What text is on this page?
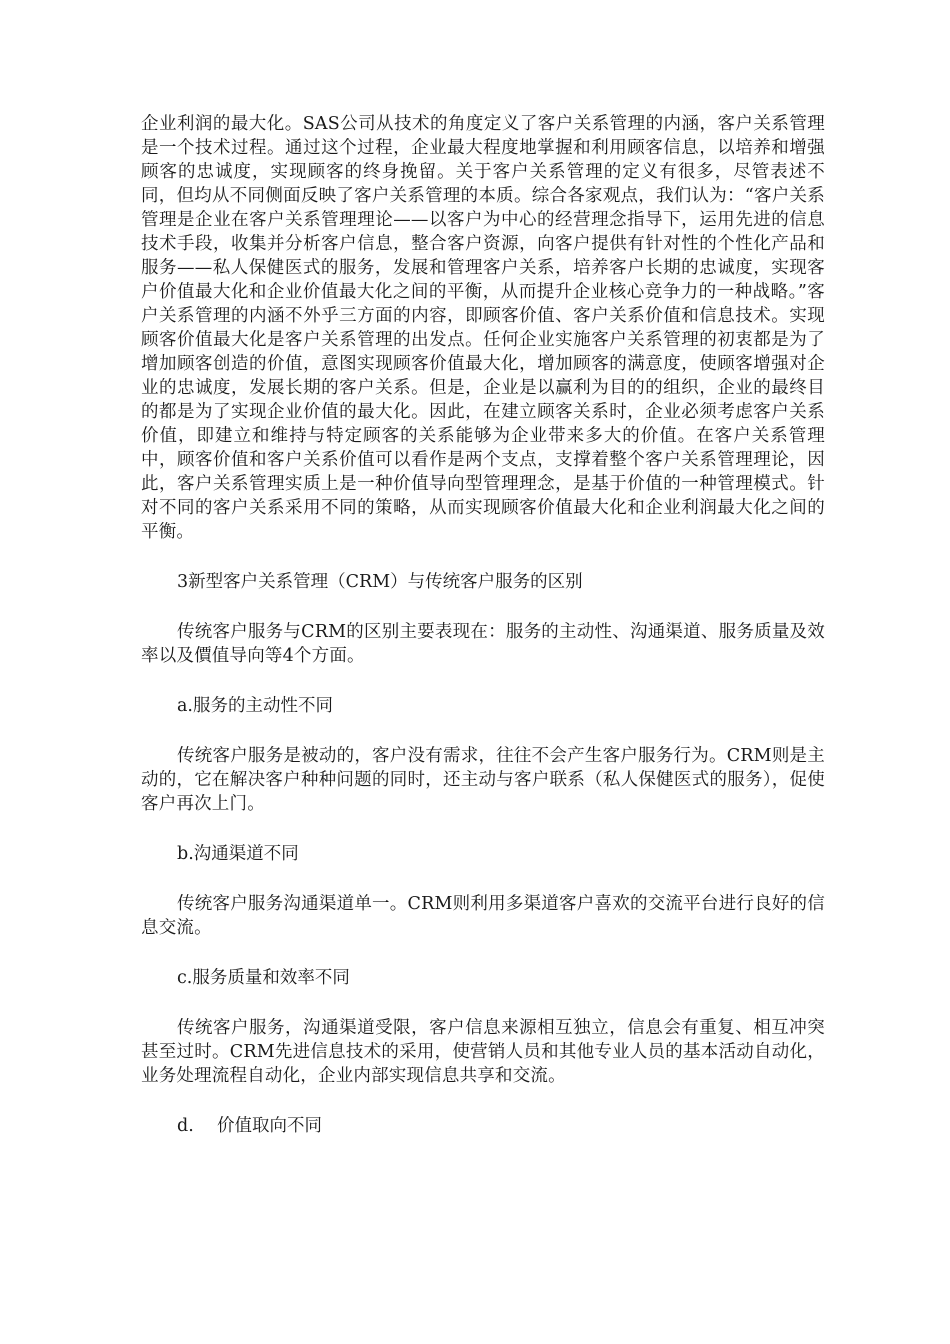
企业利润的最大化。SAS公司从技术的角度定义了客户关系管理的内涵，客户关系管理是一个技术过程。通过这个过程，企业最大程度地掌握和利用顾客信息，以培养和增强顾客的忠诚度，实现顾客的终身挽留。关于客户关系管理的定义有很多，尽管表述不同，但均从不同侧面反映了客户关系管理的本质。综合各家观点，我们认为：“客户关系管理是企业在客户关系管理理论——以客户为中心的经营理念指导下，运用先进的信息技术手段，收集并分析客户信息，整合客户资源，向客户提供有针对性的个性化产品和服务——私人保健医式的服务，发展和管理客户关系，培养客户长期的忠诚度，实现客户价值最大化和企业价值最大化之间的平衡，从而提升企业核心竞争力的一种战略。”客户关系管理的内涵不外乎三方面的内容，即顾客价值、客户关系价值和信息技术。实现顾客价值最大化是客户关系管理的出发点。任何企业实施客户关系管理的初衷都是为了增加顾客创造的价值，意图实现顾客价值最大化，增加顾客的满意度，使顾客增强对企业的忠诚度，发展长期的客户关系。但是，企业是以赢利为目的的组织，企业的最终目的都是为了实现企业价值的最大化。因此，在建立顾客关系时，企业必须考虑客户关系价值，即建立和维持与特定顾客的关系能够为企业带来多大的价值。在客户关系管理中，顾客价值和客户关系价值可以看作是两个支点，支撑着整个客户关系管理理论，因此，客户关系管理实质上是一种价值导向型管理理念，是基于价值的一种管理模式。针对不同的客户关系采用不同的策略，从而实现顾客价值最大化和企业利润最大化之间的平衡。

3新型客户关系管理（CRM）与传统客户服务的区别

传统客户服务与CRM的区别主要表现在：服务的主动性、沟通渠道、服务质量及效率以及價值导向等4个方面。

a.服务的主动性不同

传统客户服务是被动的，客户没有需求，往往不会产生客户服务行为。CRM则是主动的，它在解决客户种种问题的同时，还主动与客户联系（私人保健医式的服务），促使客户再次上门。

b.沟通渠道不同

传统客户服务沟通渠道单一。CRM则利用多渠道客户喜欢的交流平台进行良好的信息交流。

c.服务质量和效率不同

传统客户服务，沟通渠道受限，客户信息来源相互独立，信息会有重复、相互冲突甚至过时。CRM先进信息技术的采用，使营销人员和其他专业人员的基本活动自动化，业务处理流程自动化，企业内部实现信息共享和交流。

d. 价值取向不同
